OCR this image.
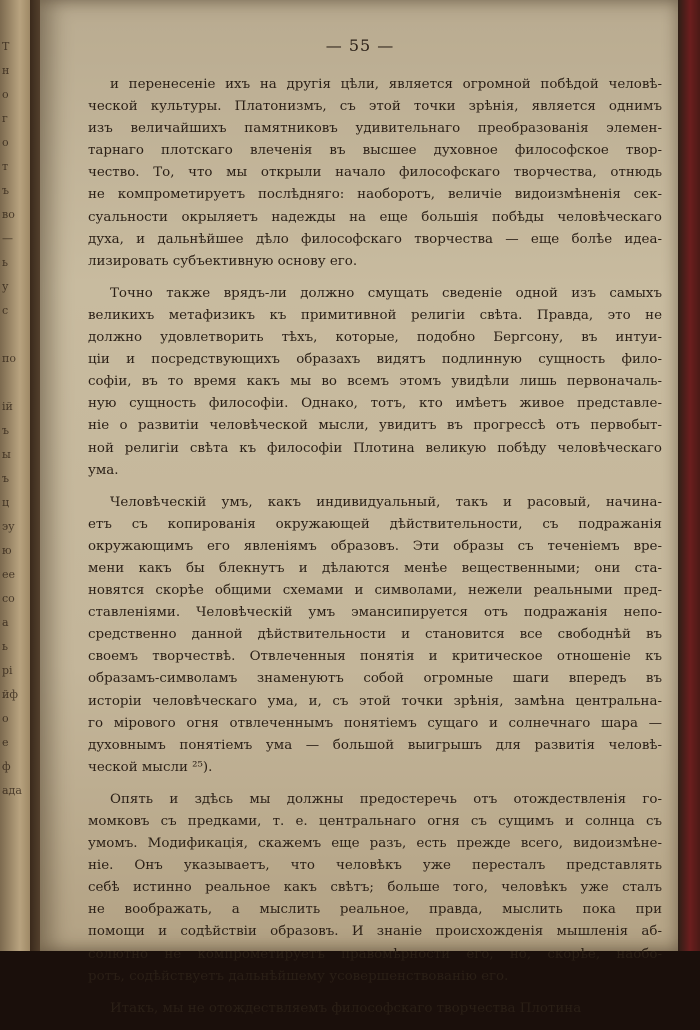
Т
н
о
г
о
т
ъ
во
—
ь
у
с
по
ій
ъ
ы
ъ
ц
эу
ю
ее
со
а
ь
рі
йф
о
е
ф
ада
— 55 —
и перенесеніе ихъ на другія цѣли, является огромной побѣдой человѣ-
ческой культуры. Платонизмъ, съ этой точки зрѣнія, является однимъ
изъ величайшихъ памятниковъ удивительнаго преобразованія элемен-
тарнаго плотскаго влеченія въ высшее духовное философское твор-
чество. То, что мы открыли начало философскаго творчества, отнюдь
не компрометируетъ послѣдняго: наоборотъ, величіе видоизмѣненія сек-
суальности окрыляетъ надежды на еще большія побѣды человѣческаго
духа, и дальнѣйшее дѣло философскаго творчества — еще болѣе идеа-
лизировать субъективную основу его.
Точно также врядъ-ли должно смущать сведеніе одной изъ самыхъ
великихъ метафизикъ къ примитивной религіи свѣта. Правда, это не
должно удовлетворить тѣхъ, которые, подобно Бергсону, въ интуи-
ціи и посредствующихъ образахъ видятъ подлинную сущность фило-
софіи, въ то время какъ мы во всемъ этомъ увидѣли лишь первоначаль-
ную сущность философіи. Однако, тотъ, кто имѣетъ живое представле-
ніе о развитіи человѣческой мысли, увидитъ въ прогрессѣ отъ первобыт-
ной религіи свѣта къ философіи Плотина великую побѣду человѣческаго
ума.
Человѣческій умъ, какъ индивидуальный, такъ и расовый, начина-
етъ съ копированія окружающей дѣйствительности, съ подражанія
окружающимъ его явленіямъ образовъ. Эти образы съ теченіемъ вре-
мени какъ бы блекнутъ и дѣлаются менѣе вещественными; они ста-
новятся скорѣе общими схемами и символами, нежели реальными пред-
ставленіями. Человѣческій умъ эмансипируется отъ подражанія непо-
средственно данной дѣйствительности и становится все свободнѣй въ
своемъ творчествѣ. Отвлеченныя понятія и критическое отношеніе къ
образамъ-символамъ знаменуютъ собой огромные шаги впередъ въ
исторіи человѣческаго ума, и, съ этой точки зрѣнія, замѣна центральна-
го мірового огня отвлеченнымъ понятіемъ сущаго и солнечнаго шара —
духовнымъ понятіемъ ума — большой выигрышъ для развитія человѣ-
ческой мысли ²⁵).
Опять и здѣсь мы должны предостеречь отъ отождествленія го-
момковъ съ предками, т. е. центральнаго огня съ сущимъ и солнца съ
умомъ. Модификація, скажемъ еще разъ, есть прежде всего, видоизмѣне-
ніе. Онъ указываетъ, что человѣкъ уже пересталъ представлять
себѣ истинно реальное какъ свѣтъ; больше того, человѣкъ уже сталъ
не воображать, а мыслить реальное, правда, мыслить пока при
помощи и содѣйствіи образовъ. И знаніе происхожденія мышленія аб-
солютно не компрометируетъ правомѣрности его, но, скорѣе, наобо-
ротъ, содѣйствуетъ дальнѣйшему усовершенствованію его.
Итакъ, мы не отождествляемъ философскаго творчества Плотина
